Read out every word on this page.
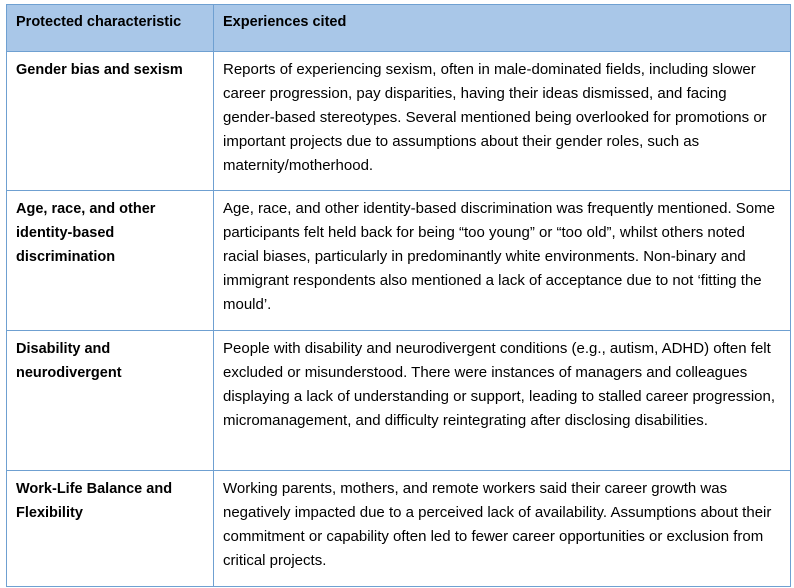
Protected characteristic	Experiences cited
Gender bias and sexism	Reports of experiencing sexism, often in male-dominated fields, including slower career progression, pay disparities, having their ideas dismissed, and facing gender-based stereotypes. Several mentioned being overlooked for promotions or important projects due to assumptions about their gender roles, such as maternity/motherhood.
Age, race, and other identity-based discrimination	Age, race, and other identity-based discrimination was frequently mentioned. Some participants felt held back for being “too young” or “too old”, whilst others noted racial biases, particularly in predominantly white environments. Non-binary and immigrant respondents also mentioned a lack of acceptance due to not ‘fitting the mould’.
Disability and neurodivergent	People with disability and neurodivergent conditions (e.g., autism, ADHD) often felt excluded or misunderstood. There were instances of managers and colleagues displaying a lack of understanding or support, leading to stalled career progression, micromanagement, and difficulty reintegrating after disclosing disabilities.
Work-Life Balance and Flexibility	Working parents, mothers, and remote workers said their career growth was negatively impacted due to a perceived lack of availability. Assumptions about their commitment or capability often led to fewer career opportunities or exclusion from critical projects.
